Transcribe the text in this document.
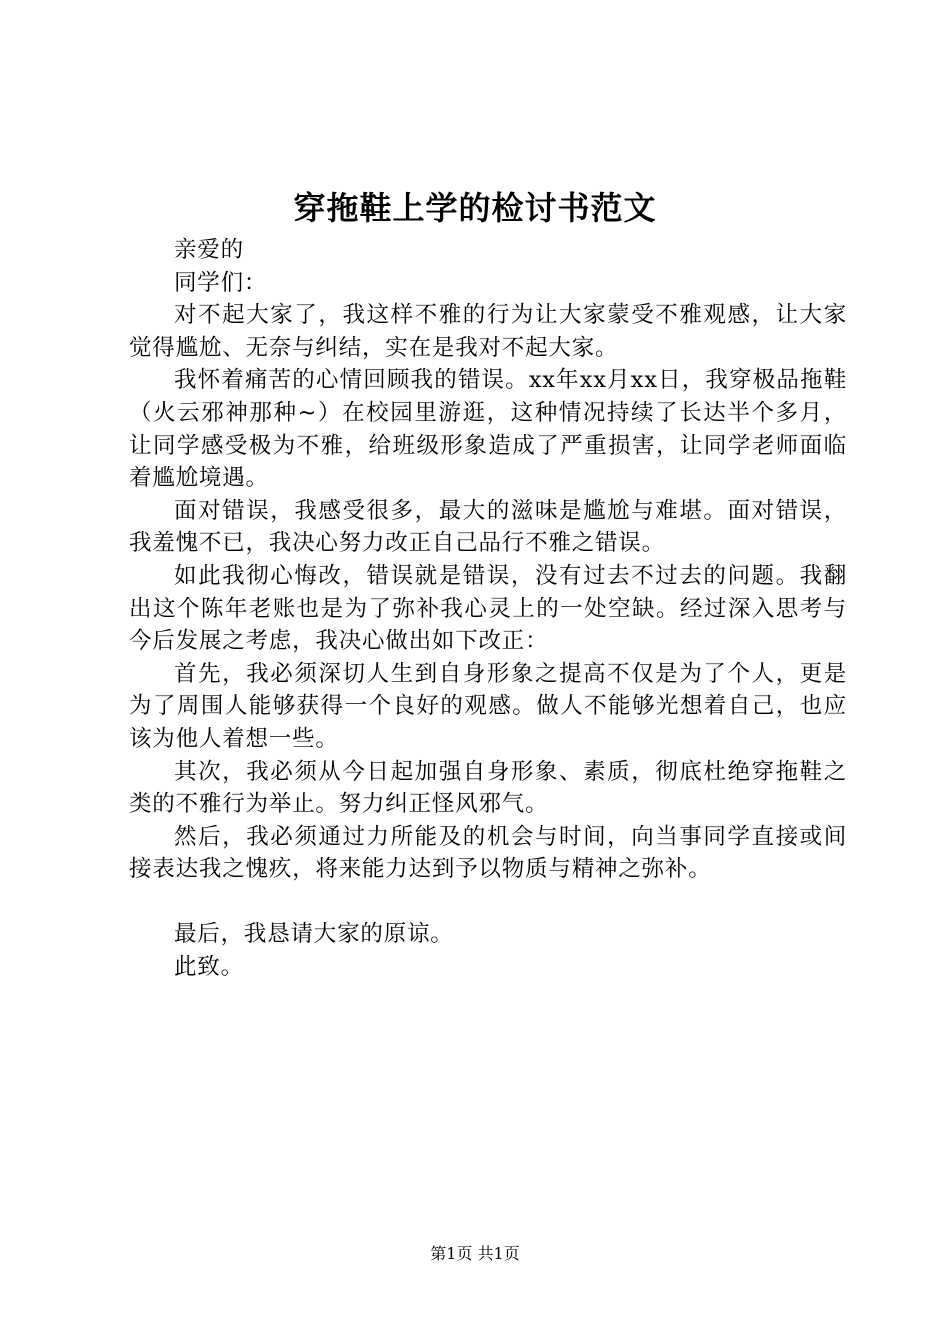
穿拖鞋上学的检讨书范文

亲爱的

同学们：

对不起大家了，我这样不雅的行为让大家蒙受不雅观感，让大家觉得尴尬、无奈与纠结，实在是我对不起大家。

我怀着痛苦的心情回顾我的错误。xx年xx月xx日，我穿极品拖鞋（火云邪神那种~）在校园里游逛，这种情况持续了长达半个多月，让同学感受极为不雅，给班级形象造成了严重损害，让同学老师面临着尴尬境遇。

面对错误，我感受很多，最大的滋味是尴尬与难堪。面对错误，我羞愧不已，我决心努力改正自己品行不雅之错误。

如此我彻心悔改，错误就是错误，没有过去不过去的问题。我翻出这个陈年老账也是为了弥补我心灵上的一处空缺。经过深入思考与今后发展之考虑，我决心做出如下改正：

首先，我必须深切人生到自身形象之提高不仅是为了个人，更是为了周围人能够获得一个良好的观感。做人不能够光想着自己，也应该为他人着想一些。

其次，我必须从今日起加强自身形象、素质，彻底杜绝穿拖鞋之类的不雅行为举止。努力纠正怪风邪气。

然后，我必须通过力所能及的机会与时间，向当事同学直接或间接表达我之愧疚，将来能力达到予以物质与精神之弥补。

最后，我恳请大家的原谅。

此致。

第1页 共1页
